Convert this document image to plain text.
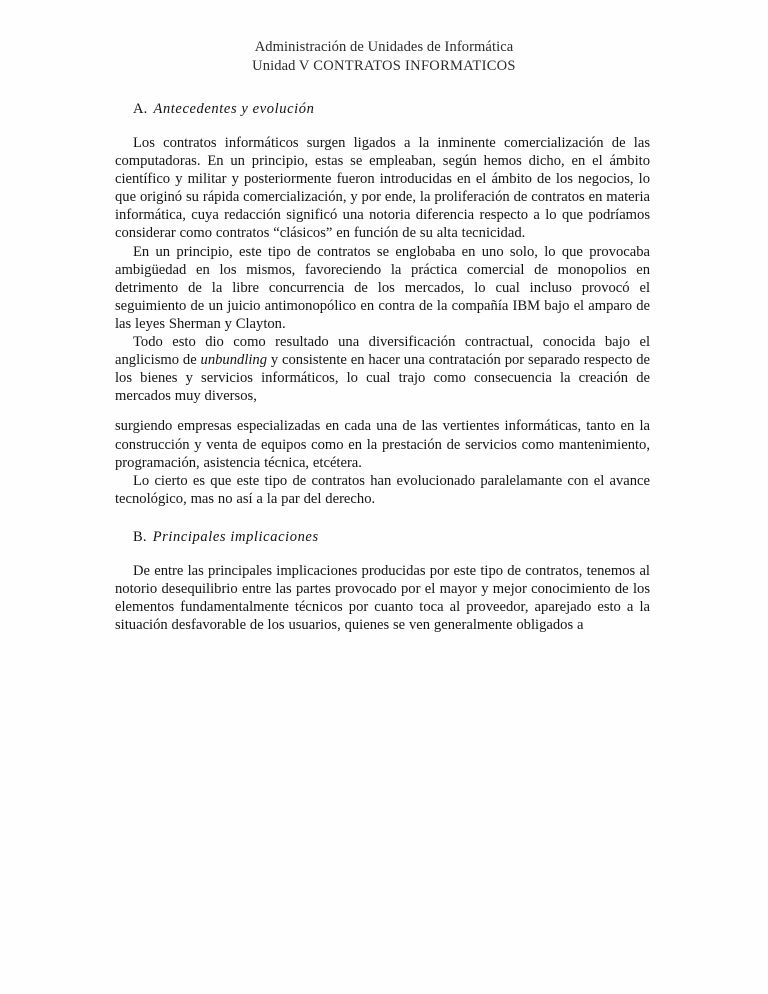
Administración de Unidades de Informática
Unidad V CONTRATOS INFORMATICOS
A. Antecedentes y evolución

Los contratos informáticos surgen ligados a la inminente comercialización de las computadoras. En un principio, estas se empleaban, según hemos dicho, en el ámbito científico y militar y posteriormente fueron introducidas en el ámbito de los negocios, lo que originó su rápida comercialización, y por ende, la proliferación de contratos en materia informática, cuya redacción significó una notoria diferencia respecto a lo que podríamos considerar como contratos “clásicos” en función de su alta tecnicidad.

En un principio, este tipo de contratos se englobaba en uno solo, lo que provocaba ambigüedad en los mismos, favoreciendo la práctica comercial de monopolios en detrimento de la libre concurrencia de los mercados, lo cual incluso provocó el seguimiento de un juicio antimonopólico en contra de la compañía IBM bajo el amparo de las leyes Sherman y Clayton.

Todo esto dio como resultado una diversificación contractual, conocida bajo el anglicismo de unbundling y consistente en hacer una contratación por separado respecto de los bienes y servicios informáticos, lo cual trajo como consecuencia la creación de mercados muy diversos,

surgiendo empresas especializadas en cada una de las vertientes informáticas, tanto en la construcción y venta de equipos como en la prestación de servicios como mantenimiento, programación, asistencia técnica, etcétera.

Lo cierto es que este tipo de contratos han evolucionado paralelamante con el avance tecnológico, mas no así a la par del derecho.

B. Principales implicaciones

De entre las principales implicaciones producidas por este tipo de contratos, tenemos al notorio desequilibrio entre las partes provocado por el mayor y mejor conocimiento de los elementos fundamentalmente técnicos por cuanto toca al proveedor, aparejado esto a la situación desfavorable de los usuarios, quienes se ven generalmente obligados a
